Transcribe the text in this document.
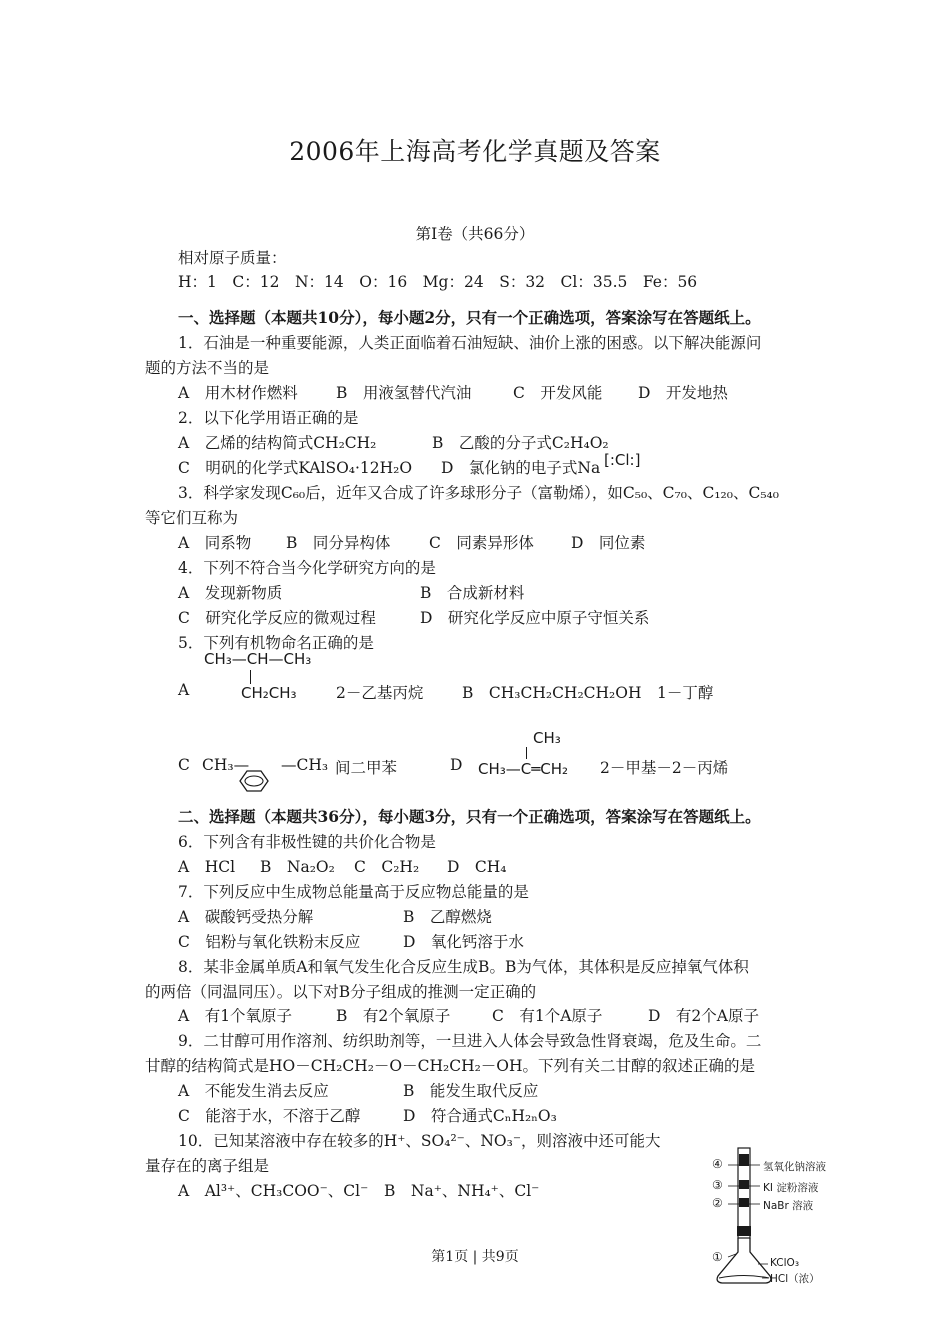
2006年上海高考化学真题及答案
第Ⅰ卷（共66分）
相对原子质量：
H：1　C：12　N：14　O：16　Mg：24　S：32　Cl：35.5　Fe：56
一、选择题（本题共10分），每小题2分，只有一个正确选项，答案涂写在答题纸上。
1．石油是一种重要能源，人类正面临着石油短缺、油价上涨的困惑。以下解决能源问
题的方法不当的是
A　用木材作燃料 B　用液氢替代汽油	C　开发风能 D　开发地热
2．以下化学用语正确的是
A　乙烯的结构简式CH₂CH₂	B　乙酸的分子式C₂H₄O₂
C　明矾的化学式KAlSO₄·12H₂O D　氯化钠的电子式Na [:Cl:]
3．科学家发现C₆₀后，近年又合成了许多球形分子（富勒烯），如C₅₀、C₇₀、C₁₂₀、C₅₄₀
等它们互称为
A　同系物 B　同分异构体 C　同素异形体 D　同位素
4．下列不符合当今化学研究方向的是
A　发现新物质	B　合成新材料
C　研究化学反应的微观过程	D　研究化学反应中原子守恒关系
5．下列有机物命名正确的是
CH₃—CH—CH₃
A	CH₂CH₃	2－乙基丙烷 B　CH₃CH₂CH₂CH₂OH　1－丁醇
CH₃
C CH₃— —CH₃ 间二甲苯	D CH₃—C═CH₂ 2－甲基－2－丙烯
二、选择题（本题共36分），每小题3分，只有一个正确选项，答案涂写在答题纸上。
6．下列含有非极性键的共价化合物是
A　HCl B　Na₂O₂ C　C₂H₂ D　CH₄
7．下列反应中生成物总能量高于反应物总能量的是
A　碳酸钙受热分解	B　乙醇燃烧
C　铝粉与氧化铁粉末反应	D　氧化钙溶于水
8．某非金属单质A和氧气发生化合反应生成B。B为气体，其体积是反应掉氧气体积
的两倍（同温同压）。以下对B分子组成的推测一定正确的
A　有1个氧原子	B　有2个氧原子	C　有1个A原子	D　有2个A原子
9．二甘醇可用作溶剂、纺织助剂等，一旦进入人体会导致急性肾衰竭，危及生命。二
甘醇的结构简式是HO－CH₂CH₂－O－CH₂CH₂－OH。下列有关二甘醇的叙述正确的是
A　不能发生消去反应	B　能发生取代反应
C　能溶于水，不溶于乙醇	D　符合通式CₙH₂ₙO₃
10．已知某溶液中存在较多的H⁺、SO₄²⁻、NO₃⁻，则溶液中还可能大
量存在的离子组是
A　Al³⁺、CH₃COO⁻、Cl⁻ B　Na⁺、NH₄⁺、Cl⁻
④	氢氧化钠溶液
③	KI 淀粉溶液
②	NaBr 溶液
①	KClO₃
HCl（浓）
第1页 | 共9页
